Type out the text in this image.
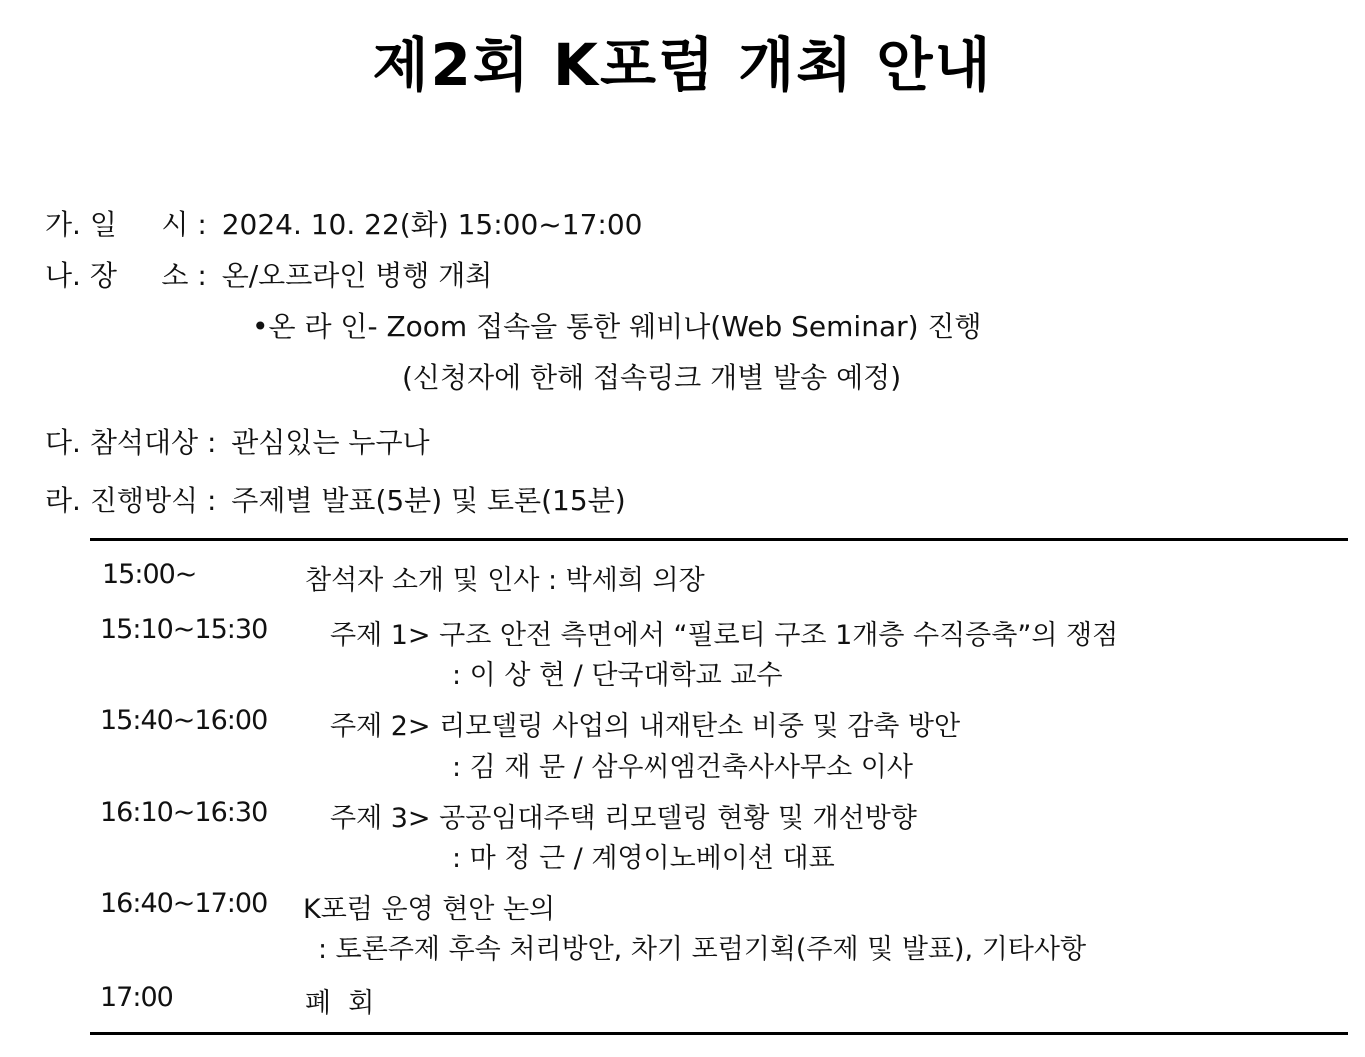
제2회 K포럼 개최 안내
가. 일     시 : 2024. 10. 22(화) 15:00~17:00
나. 장     소 : 온/오프라인 병행 개최
•온 라 인- Zoom 접속을 통한 웨비나(Web Seminar) 진행
(신청자에 한해 접속링크 개별 발송 예정)
다. 참석대상 : 관심있는 누구나
라. 진행방식 : 주제별 발표(5분) 및 토론(15분)
15:00~	참석자 소개 및 인사 : 박세희 의장
15:10~15:30 주제 1> 구조 안전 측면에서 “필로티 구조 1개층 수직증축”의 쟁점
: 이 상 현 / 단국대학교 교수
15:40~16:00 주제 2> 리모델링 사업의 내재탄소 비중 및 감축 방안
: 김 재 문 / 삼우씨엠건축사사무소 이사
16:10~16:30 주제 3> 공공임대주택 리모델링 현황 및 개선방향
: 마 정 근 / 계영이노베이션 대표
16:40~17:00 K포럼 운영 현안 논의
: 토론주제 후속 처리방안, 차기 포럼기획(주제 및 발표), 기타사항
17:00	폐  회
